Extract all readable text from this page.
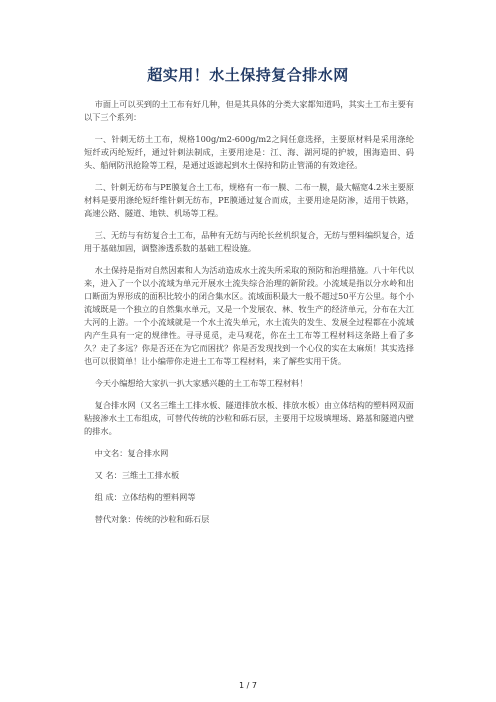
超实用！水土保持复合排水网

市面上可以买到的土工布有好几种，但是其具体的分类大家都知道吗，其实土工布主要有以下三个系列：

一、针刺无纺土工布，规格100g/m2-600g/m2之间任意选择，主要原材料是采用涤纶短纤或丙纶短纤，通过针刺法制成，主要用途是：江、海、湖河堤的护坡，围海造田、码头、船闸防汛抢险等工程，是通过返滤起到水土保持和防止管涌的有效途径。

二、针刺无纺布与PE膜复合土工布，规格有一布一膜、二布一膜，最大幅宽4.2米主要原材料是要用涤纶短纤维针刺无纺布，PE膜通过复合而成，主要用途是防渗，适用于铁路，高速公路、隧道、地铁、机场等工程。

三、无纺与有纺复合土工布，品种有无纺与丙纶长丝机织复合，无纺与塑料编织复合，适用于基础加固，调整渗透系数的基础工程设施。

水土保持是指对自然因素和人为活动造成水土流失所采取的预防和治理措施。八十年代以来，进入了一个以小流域为单元开展水土流失综合治理的新阶段。小流域是指以分水岭和出口断面为界形成的面积比较小的闭合集水区。流域面积最大一般不超过50平方公里。每个小流域既是一个独立的自然集水单元，又是一个发展农、林、牧生产的经济单元，分布在大江大河的上游。一个小流域就是一个水土流失单元，水土流失的发生、发展全过程都在小流域内产生具有一定的规律性。寻寻觅觅，走马观花，你在土工布等工程材料这条路上看了多久？走了多远？你是否还在为它而困扰？你是否发现找到一个心仪的实在太麻烦！其实选择也可以很简单！让小编带你走进土工布等工程材料，来了解些实用干货。

今天小编想给大家扒一扒大家感兴趣的土工布等工程材料！

复合排水网（又名三维土工排水板、隧道排放水板、排放水板）由立体结构的塑料网双面粘接渗水土工布组成，可替代传统的沙粒和砾石层，主要用于垃圾填埋场、路基和隧道内壁的排水。

中文名：复合排水网

又 名：三维土工排水板

组 成：立体结构的塑料网等

替代对象：传统的沙粒和砾石层

1 / 7
